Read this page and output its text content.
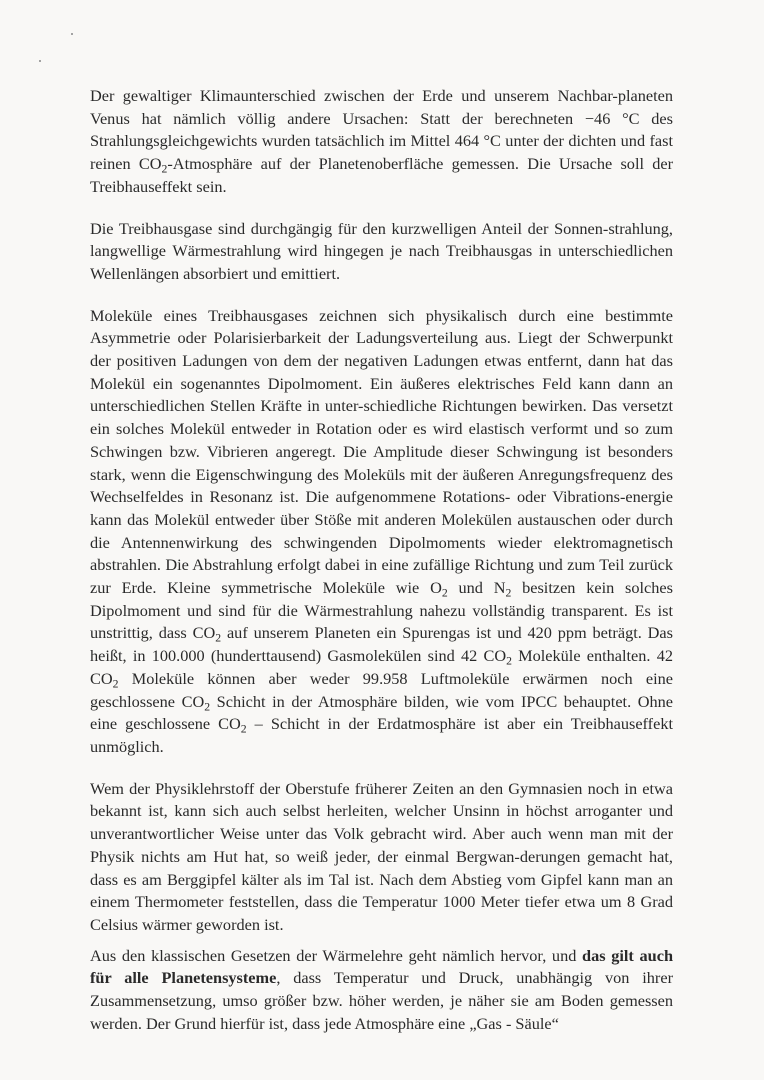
Der gewaltiger Klimaunterschied zwischen der Erde und unserem Nachbar-planeten Venus hat nämlich völlig andere Ursachen: Statt der berechneten −46 °C des Strahlungsgleichgewichts wurden tatsächlich im Mittel 464 °C unter der dichten und fast reinen $CO_2$-Atmosphäre auf der Planetenoberfläche gemessen. Die Ursache soll der Treibhauseffekt sein.

Die Treibhausgase sind durchgängig für den kurzwelligen Anteil der Sonnen-strahlung, langwellige Wärmestrahlung wird hingegen je nach Treibhausgas in unterschiedlichen Wellenlängen absorbiert und emittiert.

Moleküle eines Treibhausgases zeichnen sich physikalisch durch eine bestimmte Asymmetrie oder Polarisierbarkeit der Ladungsverteilung aus. Liegt der Schwerpunkt der positiven Ladungen von dem der negativen Ladungen etwas entfernt, dann hat das Molekül ein sogenanntes Dipolmoment. Ein äußeres elektrisches Feld kann dann an unterschiedlichen Stellen Kräfte in unter-schiedliche Richtungen bewirken. Das versetzt ein solches Molekül entweder in Rotation oder es wird elastisch verformt und so zum Schwingen bzw. Vibrieren angeregt. Die Amplitude dieser Schwingung ist besonders stark, wenn die Eigenschwingung des Moleküls mit der äußeren Anregungsfrequenz des Wechselfeldes in Resonanz ist. Die aufgenommene Rotations- oder Vibrations-energie kann das Molekül entweder über Stöße mit anderen Molekülen austauschen oder durch die Antennenwirkung des schwingenden Dipolmoments wieder elektromagnetisch abstrahlen. Die Abstrahlung erfolgt dabei in eine zufällige Richtung und zum Teil zurück zur Erde. Kleine symmetrische Moleküle wie $O_2$ und $N_2$ besitzen kein solches Dipolmoment und sind für die Wärmestrahlung nahezu vollständig transparent. Es ist unstrittig, dass $CO_2$ auf unserem Planeten ein Spurengas ist und 420 ppm beträgt. Das heißt, in 100.000 (hunderttausend) Gasmolekülen sind 42 $CO_2$ Moleküle enthalten. 42 $CO_2$ Moleküle können aber weder 99.958 Luftmoleküle erwärmen noch eine geschlossene $CO_2$ Schicht in der Atmosphäre bilden, wie vom IPCC behauptet. Ohne eine geschlossene $CO_2$ – Schicht in der Erdatmosphäre ist aber ein Treibhauseffekt unmöglich.

Wem der Physiklehrstoff der Oberstufe früherer Zeiten an den Gymnasien noch in etwa bekannt ist, kann sich auch selbst herleiten, welcher Unsinn in höchst arroganter und unverantwortlicher Weise unter das Volk gebracht wird. Aber auch wenn man mit der Physik nichts am Hut hat, so weiß jeder, der einmal Bergwan-derungen gemacht hat, dass es am Berggipfel kälter als im Tal ist. Nach dem Abstieg vom Gipfel kann man an einem Thermometer feststellen, dass die Temperatur 1000 Meter tiefer etwa um 8 Grad Celsius wärmer geworden ist.

Aus den klassischen Gesetzen der Wärmelehre geht nämlich hervor, und das gilt auch für alle Planetensysteme, dass Temperatur und Druck, unabhängig von ihrer Zusammensetzung, umso größer bzw. höher werden, je näher sie am Boden gemessen werden. Der Grund hierfür ist, dass jede Atmosphäre eine „Gas - Säule“
